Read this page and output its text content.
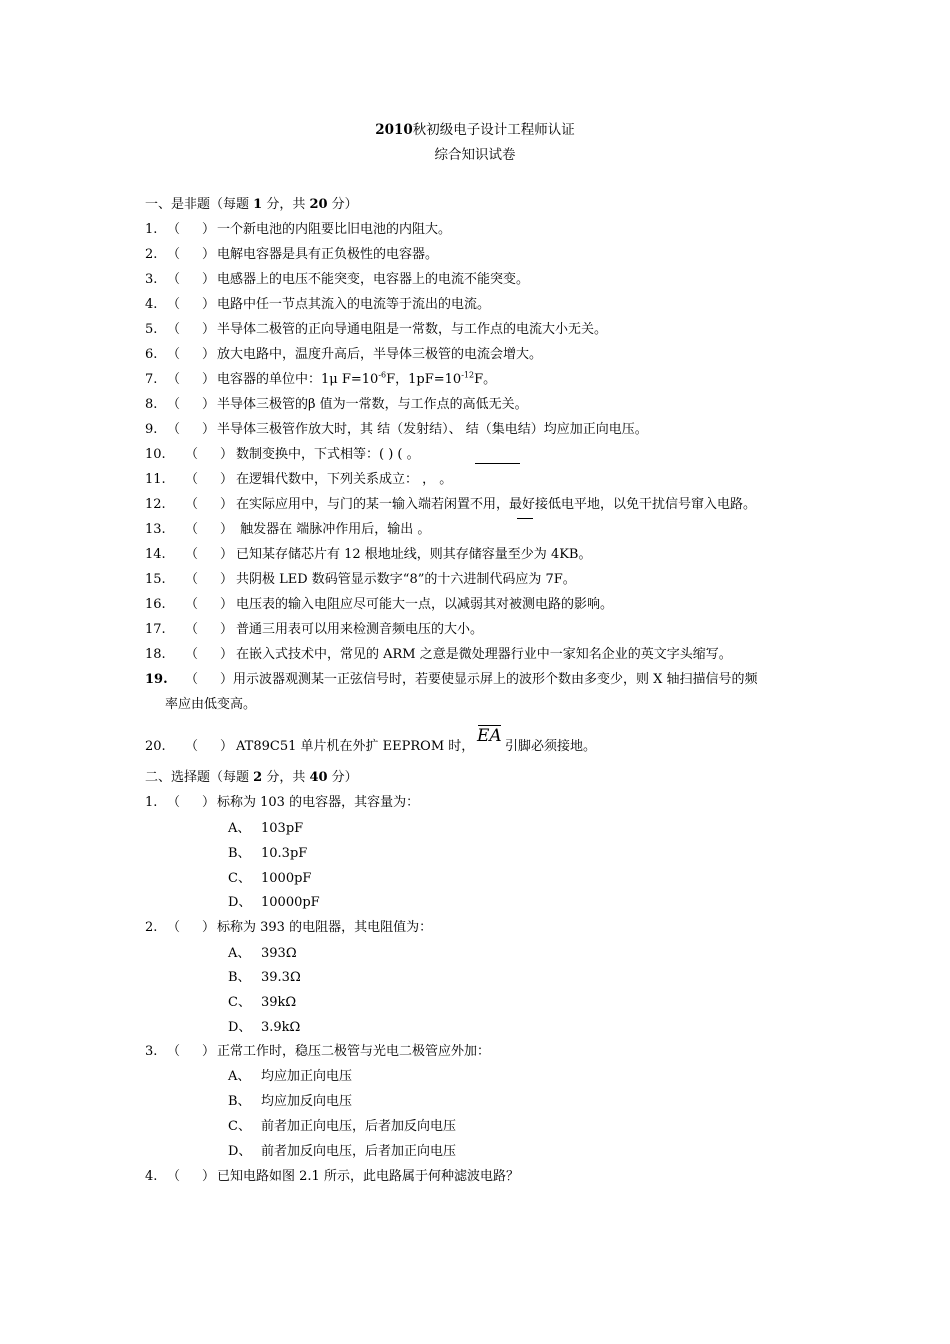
2010秋初级电子设计工程师认证
综合知识试卷
一、是非题（每题 1 分，共 20 分）
1. （ ） 一个新电池的内阻要比旧电池的内阻大。
2. （ ） 电解电容器是具有正负极性的电容器。
3. （ ） 电感器上的电压不能突变，电容器上的电流不能突变。
4. （ ） 电路中任一节点其流入的电流等于流出的电流。
5. （ ） 半导体二极管的正向导通电阻是一常数，与工作点的电流大小无关。
6. （ ） 放大电路中，温度升高后，半导体三极管的电流会增大。
7. （ ） 电容器的单位中：1μ $F=10^{-6}F$，$1pF=10^{-12}F$。
8. （ ） 半导体三极管的β 值为一常数，与工作点的高低无关。
9. （ ） 半导体三极管作放大时，其 结（发射结）、 结（集电结）均应加正向电压。
10. （ ） 数制变换中，下式相等：( ) ( 。
11. （ ） 在逻辑代数中，下列关系成立： ， 。
12. （ ） 在实际应用中，与门的某一输入端若闲置不用，最好接低电平地，以免干扰信号窜入电路。
13. （ ） 触发器在 端脉冲作用后，输出 。
14. （ ） 已知某存储芯片有 12 根地址线，则其存储容量至少为 4KB。
15. （ ） 共阴极 LED 数码管显示数字“8”的十六进制代码应为 7F。
16. （ ） 电压表的输入电阻应尽可能大一点，以减弱其对被测电路的影响。
17. （ ） 普通三用表可以用来检测音频电压的大小。
18. （ ） 在嵌入式技术中，常见的 ARM 之意是微处理器行业中一家知名企业的英文字头缩写。
19. （ ）用示波器观测某一正弦信号时，若要使显示屏上的波形个数由多变少，则 X 轴扫描信号的频
率应由低变高。
20. （ ） AT89C51 单片机在外扩 EEPROM 时，
EA
引脚必须接地。
二、选择题（每题 2 分，共 40 分）
1. （ ） 标称为 103 的电容器，其容量为：
A、 103pF
B、 10.3pF
C、 1000pF
D、 10000pF
2. （ ） 标称为 393 的电阻器，其电阻值为：
A、 393Ω
B、 39.3Ω
C、 39kΩ
D、 3.9kΩ
3. （ ） 正常工作时，稳压二极管与光电二极管应外加：
A、 均应加正向电压
B、 均应加反向电压
C、 前者加正向电压，后者加反向电压
D、 前者加反向电压，后者加正向电压
4. （ ） 已知电路如图 2.1 所示，此电路属于何种滤波电路？
